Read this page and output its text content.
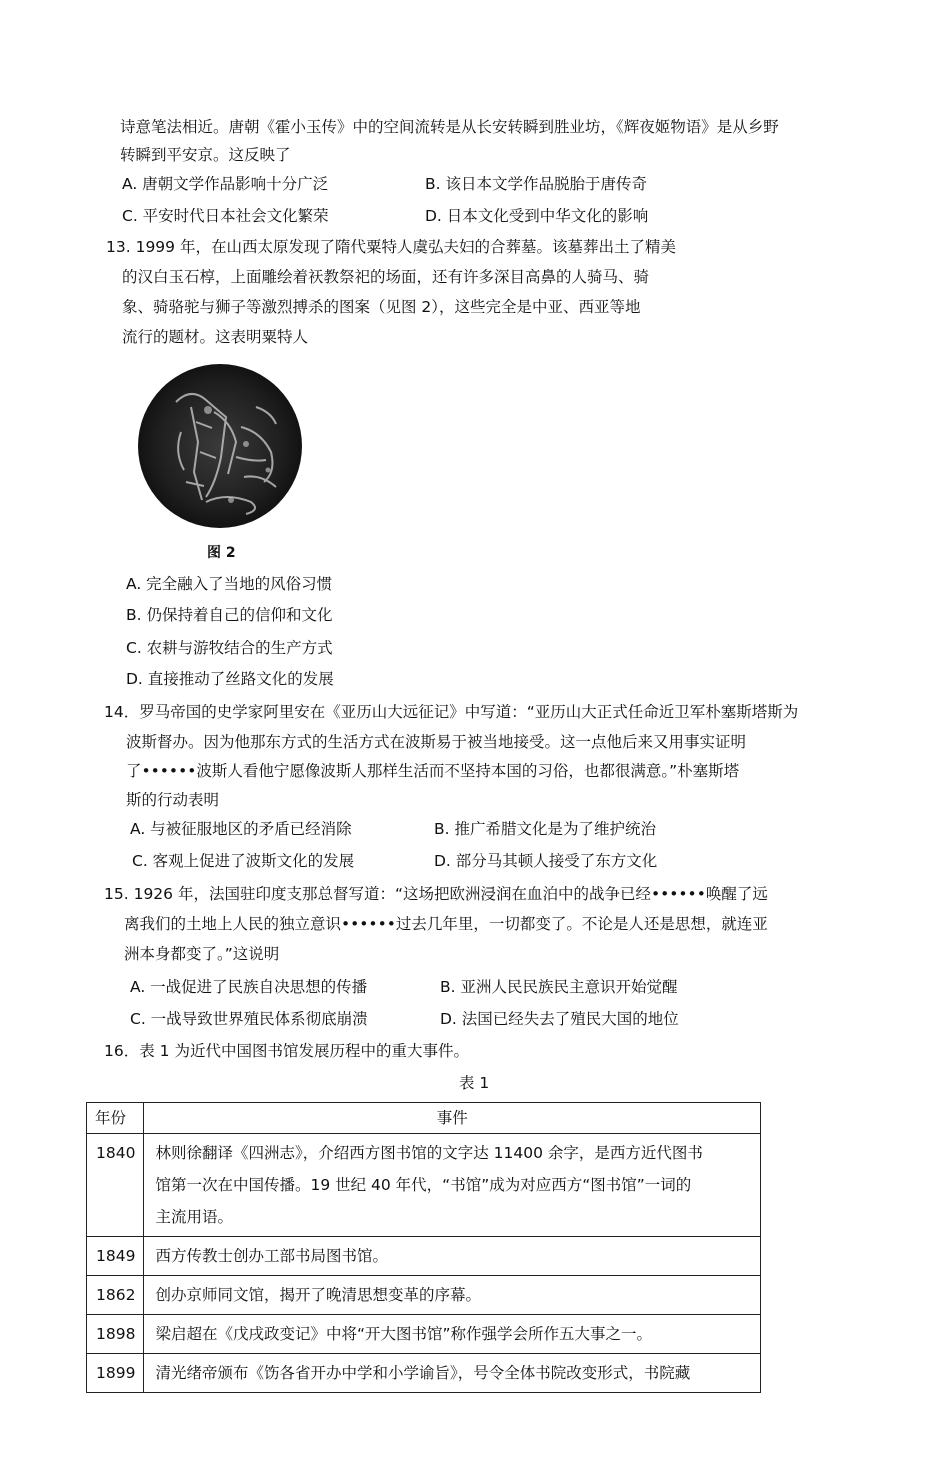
诗意笔法相近。唐朝《霍小玉传》中的空间流转是从长安转瞬到胜业坊，《辉夜姬物语》是从乡野
转瞬到平安京。这反映了
A. 唐朝文学作品影响十分广泛	B. 该日本文学作品脱胎于唐传奇
C. 平安时代日本社会文化繁荣	D. 日本文化受到中华文化的影响
13. 1999 年，在山西太原发现了隋代粟特人虞弘夫妇的合葬墓。该墓葬出土了精美
的汉白玉石椁，上面雕绘着祆教祭祀的场面，还有许多深目高鼻的人骑马、骑
象、骑骆驼与狮子等激烈搏杀的图案（见图 2），这些完全是中亚、西亚等地
流行的题材。这表明粟特人
图 2
A. 完全融入了当地的风俗习惯
B. 仍保持着自己的信仰和文化
C. 农耕与游牧结合的生产方式
D. 直接推动了丝路文化的发展
14．罗马帝国的史学家阿里安在《亚历山大远征记》中写道：“亚历山大正式任命近卫军朴塞斯塔斯为
波斯督办。因为他那东方式的生活方式在波斯易于被当地接受。这一点他后来又用事实证明
了••••••波斯人看他宁愿像波斯人那样生活而不坚持本国的习俗，也都很满意。”朴塞斯塔
斯的行动表明
A. 与被征服地区的矛盾已经消除	B. 推广希腊文化是为了维护统治
C. 客观上促进了波斯文化的发展	D. 部分马其顿人接受了东方文化
15. 1926 年，法国驻印度支那总督写道：“这场把欧洲浸润在血泊中的战争已经••••••唤醒了远
离我们的土地上人民的独立意识••••••过去几年里，一切都变了。不论是人还是思想，就连亚
洲本身都变了。”这说明
A. 一战促进了民族自决思想的传播	B. 亚洲人民民族民主意识开始觉醒
C. 一战导致世界殖民体系彻底崩溃	D. 法国已经失去了殖民大国的地位
16．表 1 为近代中国图书馆发展历程中的重大事件。
表 1
年份	事件
1840	林则徐翻译《四洲志》，介绍西方图书馆的文字达 11400 余字，是西方近代图书
馆第一次在中国传播。19 世纪 40 年代，“书馆”成为对应西方“图书馆”一词的
主流用语。

1849	西方传教士创办工部书局图书馆。

1862	创办京师同文馆，揭开了晚清思想变革的序幕。

1898	梁启超在《戊戌政变记》中将“开大图书馆”称作强学会所作五大事之一。

1899	清光绪帝颁布《饬各省开办中学和小学谕旨》，号令全体书院改变形式，书院藏
